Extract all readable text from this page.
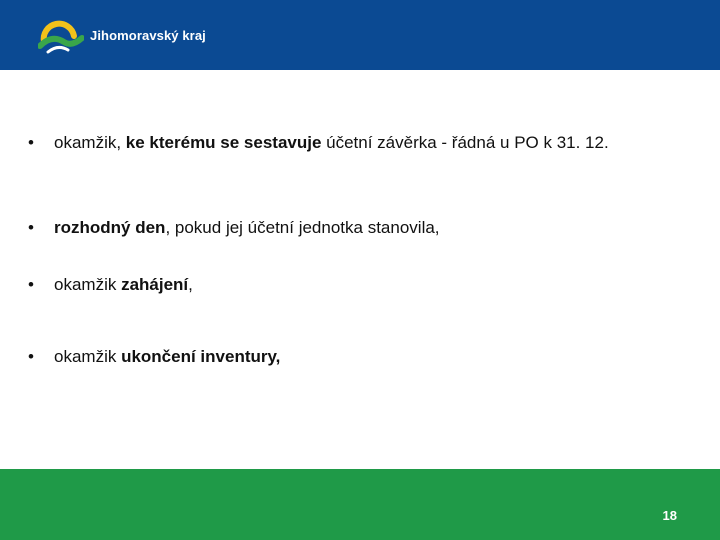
Jihomoravský kraj
• okamžik, ke kterému se sestavuje účetní závěrka - řádná u PO k 31. 12.
• rozhodný den, pokud jej účetní jednotka stanovila,
• okamžik zahájení,
• okamžik ukončení inventury,
18
